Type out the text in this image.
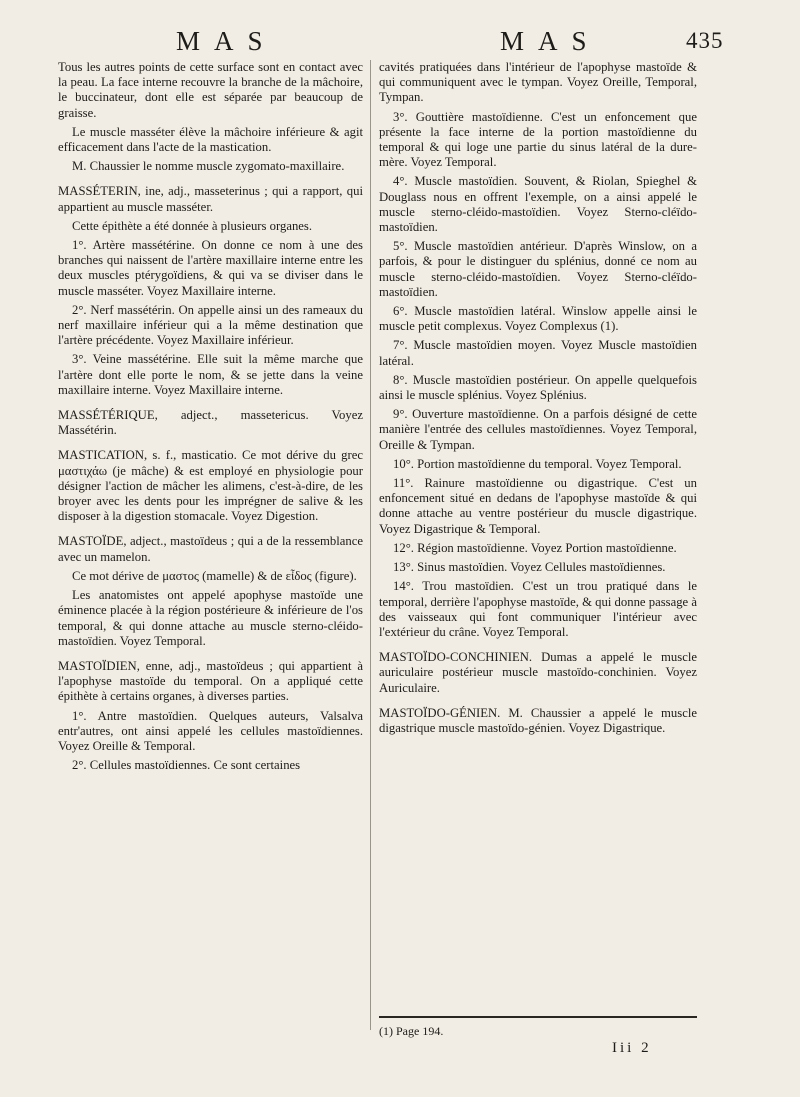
MAS	MAS	435

Tous les autres points de cette surface sont en contact avec la peau. La face interne recouvre la branche de la mâchoire, le buccinateur, dont elle est séparée par beaucoup de graisse.

Le muscle masséter élève la mâchoire inférieure & agit efficacement dans l'acte de la mastication.

M. Chaussier le nomme muscle zygomato-maxillaire.

MASSÉTERIN, ine, adj., masseterinus ; qui a rapport, qui appartient au muscle masséter.

Cette épithète a été donnée à plusieurs organes.

1°. Artère massétérine. On donne ce nom à une des branches qui naissent de l'artère maxillaire interne entre les deux muscles ptérygoïdiens, & qui va se diviser dans le muscle masséter. Voyez Maxillaire interne.

2°. Nerf massétérin. On appelle ainsi un des rameaux du nerf maxillaire inférieur qui a la même destination que l'artère précédente. Voyez Maxillaire inférieur.

3°. Veine massétérine. Elle suit la même marche que l'artère dont elle porte le nom, & se jette dans la veine maxillaire interne. Voyez Maxillaire interne.

MASSÉTÉRIQUE, adject., massetericus. Voyez Massétérin.

MASTICATION, s. f., masticatio. Ce mot dérive du grec μαστιχάω (je mâche) & est employé en physiologie pour désigner l'action de mâcher les alimens, c'est-à-dire, de les broyer avec les dents pour les imprégner de salive & les disposer à la digestion stomacale. Voyez Digestion.

MASTOÏDE, adject., mastoïdeus ; qui a de la ressemblance avec un mamelon.

Ce mot dérive de μαστος (mamelle) & de εἶδος (figure).

Les anatomistes ont appelé apophyse mastoïde une éminence placée à la région postérieure & inférieure de l'os temporal, & qui donne attache au muscle sterno-cléido-mastoïdien. Voyez Temporal.

MASTOÏDIEN, enne, adj., mastoïdeus ; qui appartient à l'apophyse mastoïde du temporal. On a appliqué cette épithète à certains organes, à diverses parties.

1°. Antre mastoïdien. Quelques auteurs, Valsalva entr'autres, ont ainsi appelé les cellules mastoïdiennes. Voyez Oreille & Temporal.

2°. Cellules mastoïdiennes. Ce sont certaines

cavités pratiquées dans l'intérieur de l'apophyse mastoïde & qui communiquent avec le tympan. Voyez Oreille, Temporal, Tympan.

3°. Gouttière mastoïdienne. C'est un enfoncement que présente la face interne de la portion mastoïdienne du temporal & qui loge une partie du sinus latéral de la dure-mère. Voyez Temporal.

4°. Muscle mastoïdien. Souvent, & Riolan, Spieghel & Douglass nous en offrent l'exemple, on a ainsi appelé le muscle sterno-cléido-mastoïdien. Voyez Sterno-cléïdo-mastoïdien.

5°. Muscle mastoïdien antérieur. D'après Winslow, on a parfois, & pour le distinguer du splénius, donné ce nom au muscle sterno-cléido-mastoïdien. Voyez Sterno-cléïdo-mastoïdien.

6°. Muscle mastoïdien latéral. Winslow appelle ainsi le muscle petit complexus. Voyez Complexus (1).

7°. Muscle mastoïdien moyen. Voyez Muscle mastoïdien latéral.

8°. Muscle mastoïdien postérieur. On appelle quelquefois ainsi le muscle splénius. Voyez Splénius.

9°. Ouverture mastoïdienne. On a parfois désigné de cette manière l'entrée des cellules mastoïdiennes. Voyez Temporal, Oreille & Tympan.

10°. Portion mastoïdienne du temporal. Voyez Temporal.

11°. Rainure mastoïdienne ou digastrique. C'est un enfoncement situé en dedans de l'apophyse mastoïde & qui donne attache au ventre postérieur du muscle digastrique. Voyez Digastrique & Temporal.

12°. Région mastoïdienne. Voyez Portion mastoïdienne.

13°. Sinus mastoïdien. Voyez Cellules mastoïdiennes.

14°. Trou mastoïdien. C'est un trou pratiqué dans le temporal, derrière l'apophyse mastoïde, & qui donne passage à des vaisseaux qui font communiquer l'intérieur avec l'extérieur du crâne. Voyez Temporal.

MASTOÏDO-CONCHINIEN. Dumas a appelé le muscle auriculaire postérieur muscle mastoïdo-conchinien. Voyez Auriculaire.

MASTOÏDO-GÉNIEN. M. Chaussier a appelé le muscle digastrique muscle mastoïdo-génien. Voyez Digastrique.

(1) Page 194.
Iii 2
